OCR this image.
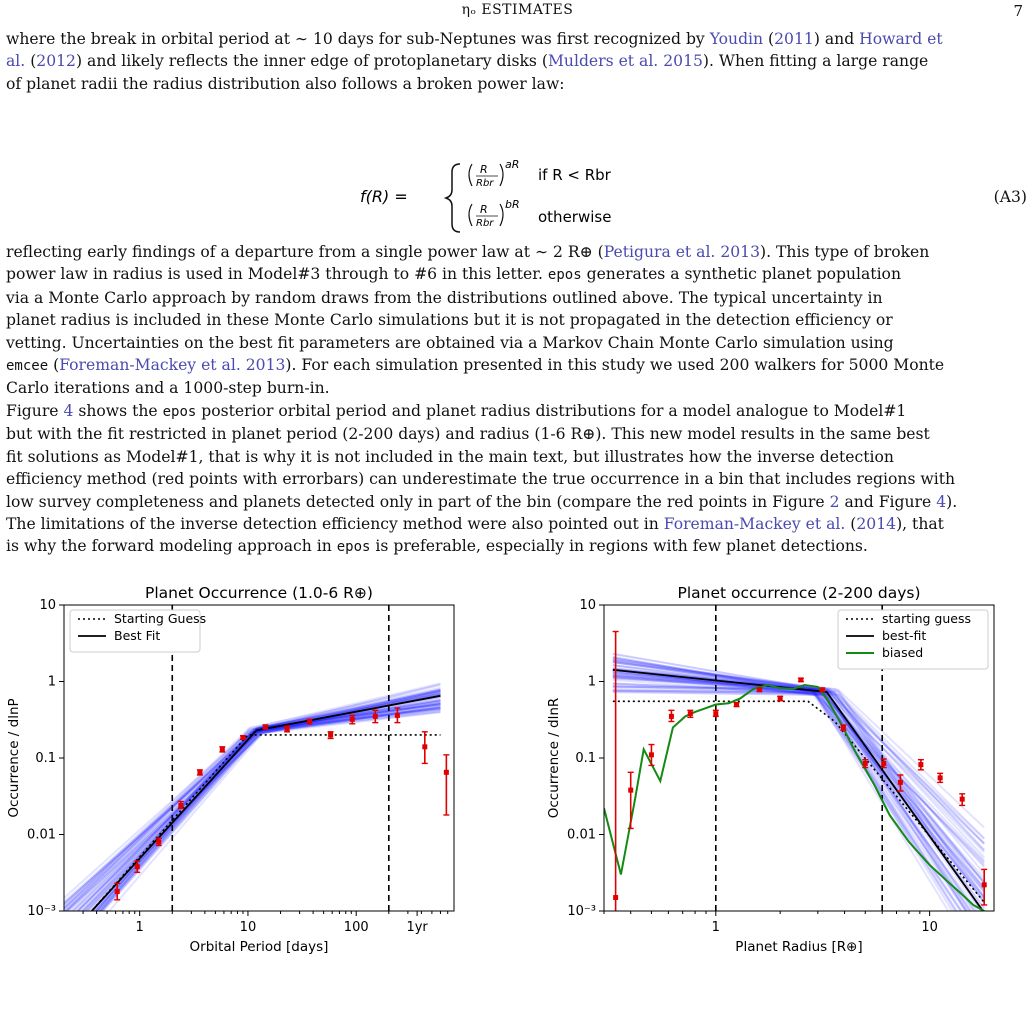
ηₒ ESTIMATES	7
where the break in orbital period at ∼ 10 days for sub-Neptunes was first recognized by Youdin (2011) and Howard et
al. (2012) and likely reflects the inner edge of protoplanetary disks (Mulders et al. 2015). When fitting a large range
of planet radii the radius distribution also follows a broken power law:
f(R) =
R
Rbr
aR
if R < Rbr
R
Rbr
bR
otherwise
(A3)
reflecting early findings of a departure from a single power law at ∼ 2 R⊕ (Petigura et al. 2013). This type of broken
power law in radius is used in Model#3 through to #6 in this letter. epos generates a synthetic planet population
via a Monte Carlo approach by random draws from the distributions outlined above. The typical uncertainty in
planet radius is included in these Monte Carlo simulations but it is not propagated in the detection efficiency or
vetting. Uncertainties on the best fit parameters are obtained via a Markov Chain Monte Carlo simulation using
emcee (Foreman-Mackey et al. 2013). For each simulation presented in this study we used 200 walkers for 5000 Monte
Carlo iterations and a 1000-step burn-in.
Figure 4 shows the epos posterior orbital period and planet radius distributions for a model analogue to Model#1
but with the fit restricted in planet period (2-200 days) and radius (1-6 R⊕). This new model results in the same best
fit solutions as Model#1, that is why it is not included in the main text, but illustrates how the inverse detection
efficiency method (red points with errorbars) can underestimate the true occurrence in a bin that includes regions with
low survey completeness and planets detected only in part of the bin (compare the red points in Figure 2 and Figure 4).
The limitations of the inverse detection efficiency method were also pointed out in Foreman-Mackey et al. (2014), that
is why the forward modeling approach in epos is preferable, especially in regions with few planet detections.
1	10	100	1yr
10⁻³
0.01
0.1
1
10
Planet Occurrence (1.0-6 R⊕)
Orbital Period [days]
Occurrence / dlnP
Starting Guess
Best Fit
1	10
10⁻³
0.01
0.1
1
10
Planet occurrence (2-200 days)
Planet Radius [R⊕]
Occurrence / dlnR
starting guess
best-fit
biased
